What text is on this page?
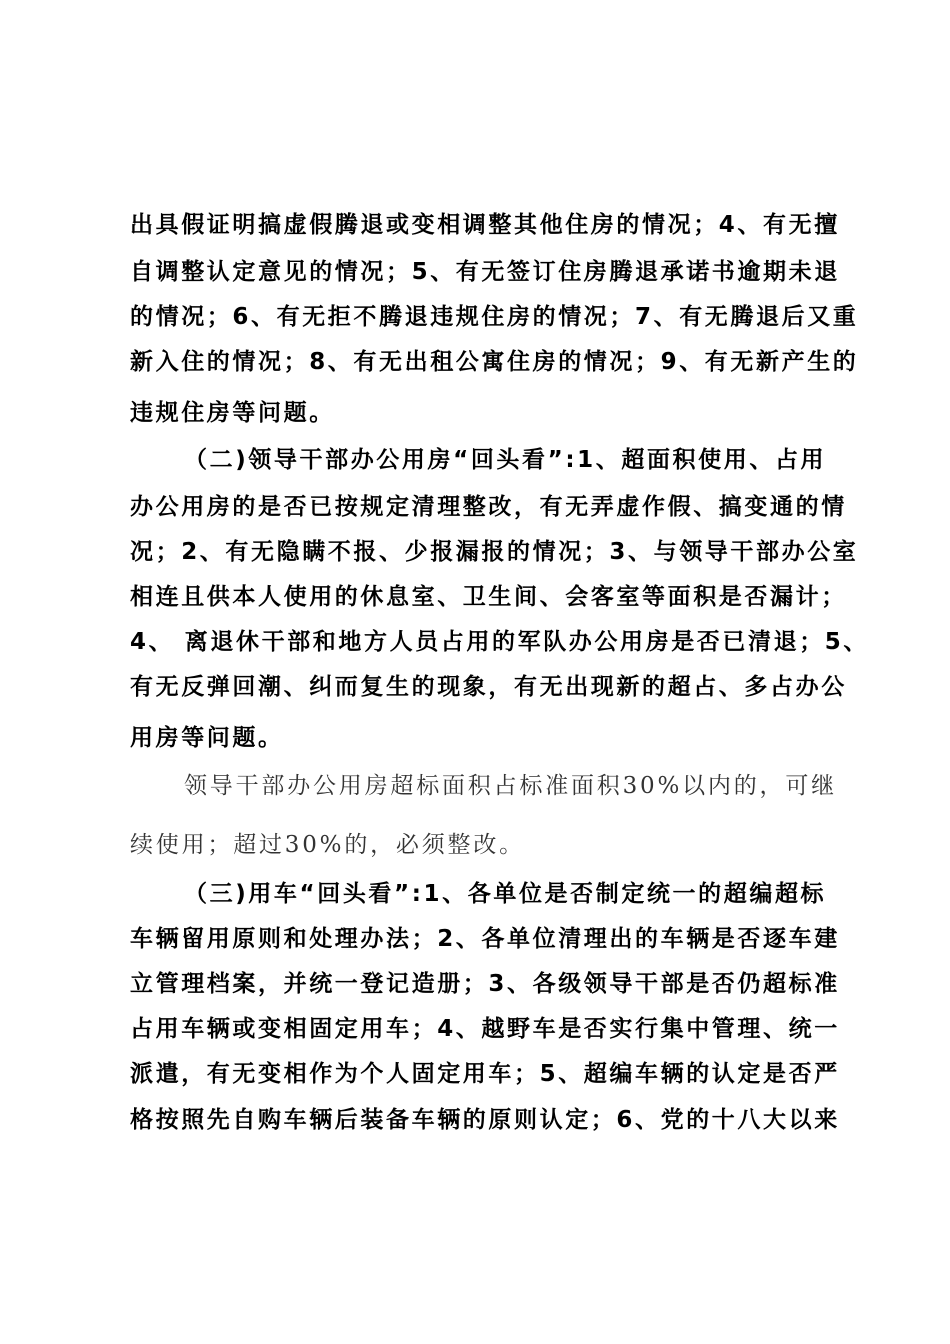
出具假证明搞虚假腾退或变相调整其他住房的情况；4、有无擅

自调整认定意见的情况；5、有无签订住房腾退承诺书逾期未退

的情况；6、有无拒不腾退违规住房的情况；7、有无腾退后又重

新入住的情况；8、有无出租公寓住房的情况；9、有无新产生的

违规住房等问题。

（二)领导干部办公用房“回头看”:1、超面积使用、占用

办公用房的是否已按规定清理整改，有无弄虚作假、搞变通的情

况；2、有无隐瞒不报、少报漏报的情况；3、与领导干部办公室

相连且供本人使用的休息室、卫生间、会客室等面积是否漏计；

4、 离退休干部和地方人员占用的军队办公用房是否已清退；5、

有无反弹回潮、纠而复生的现象，有无出现新的超占、多占办公

用房等问题。

领导干部办公用房超标面积占标准面积30%以内的，可继

续使用；超过30%的，必须整改。

（三)用车“回头看”:1、各单位是否制定统一的超编超标

车辆留用原则和处理办法；2、各单位清理出的车辆是否逐车建

立管理档案，并统一登记造册；3、各级领导干部是否仍超标准

占用车辆或变相固定用车；4、越野车是否实行集中管理、统一

派遣，有无变相作为个人固定用车；5、超编车辆的认定是否严

格按照先自购车辆后装备车辆的原则认定；6、党的十八大以来
